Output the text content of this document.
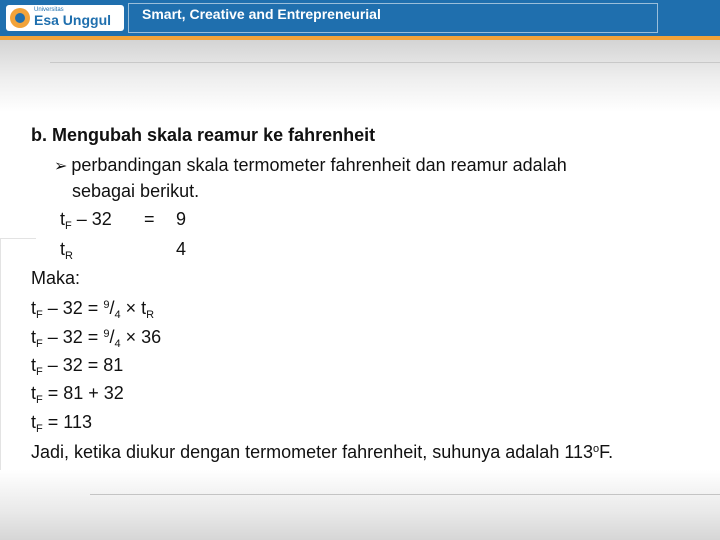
Universitas
Esa Unggul Smart, Creative and Entrepreneurial
b. Mengubah skala reamur ke fahrenheit
➢ perbandingan skala termometer fahrenheit dan reamur adalah
sebagai berikut.
$t_F - 32 = 9$
$t_R$	4
Maka:
$t_F - 32 = ^9/_4 \times t_R$
$t_F - 32 = ^9/_4 \times 36$
$t_F - 32 = 81$
$t_F = 81 + 32$
$t_F = 113$
Jadi, ketika diukur dengan termometer fahrenheit, suhunya adalah 113$^o$F.
